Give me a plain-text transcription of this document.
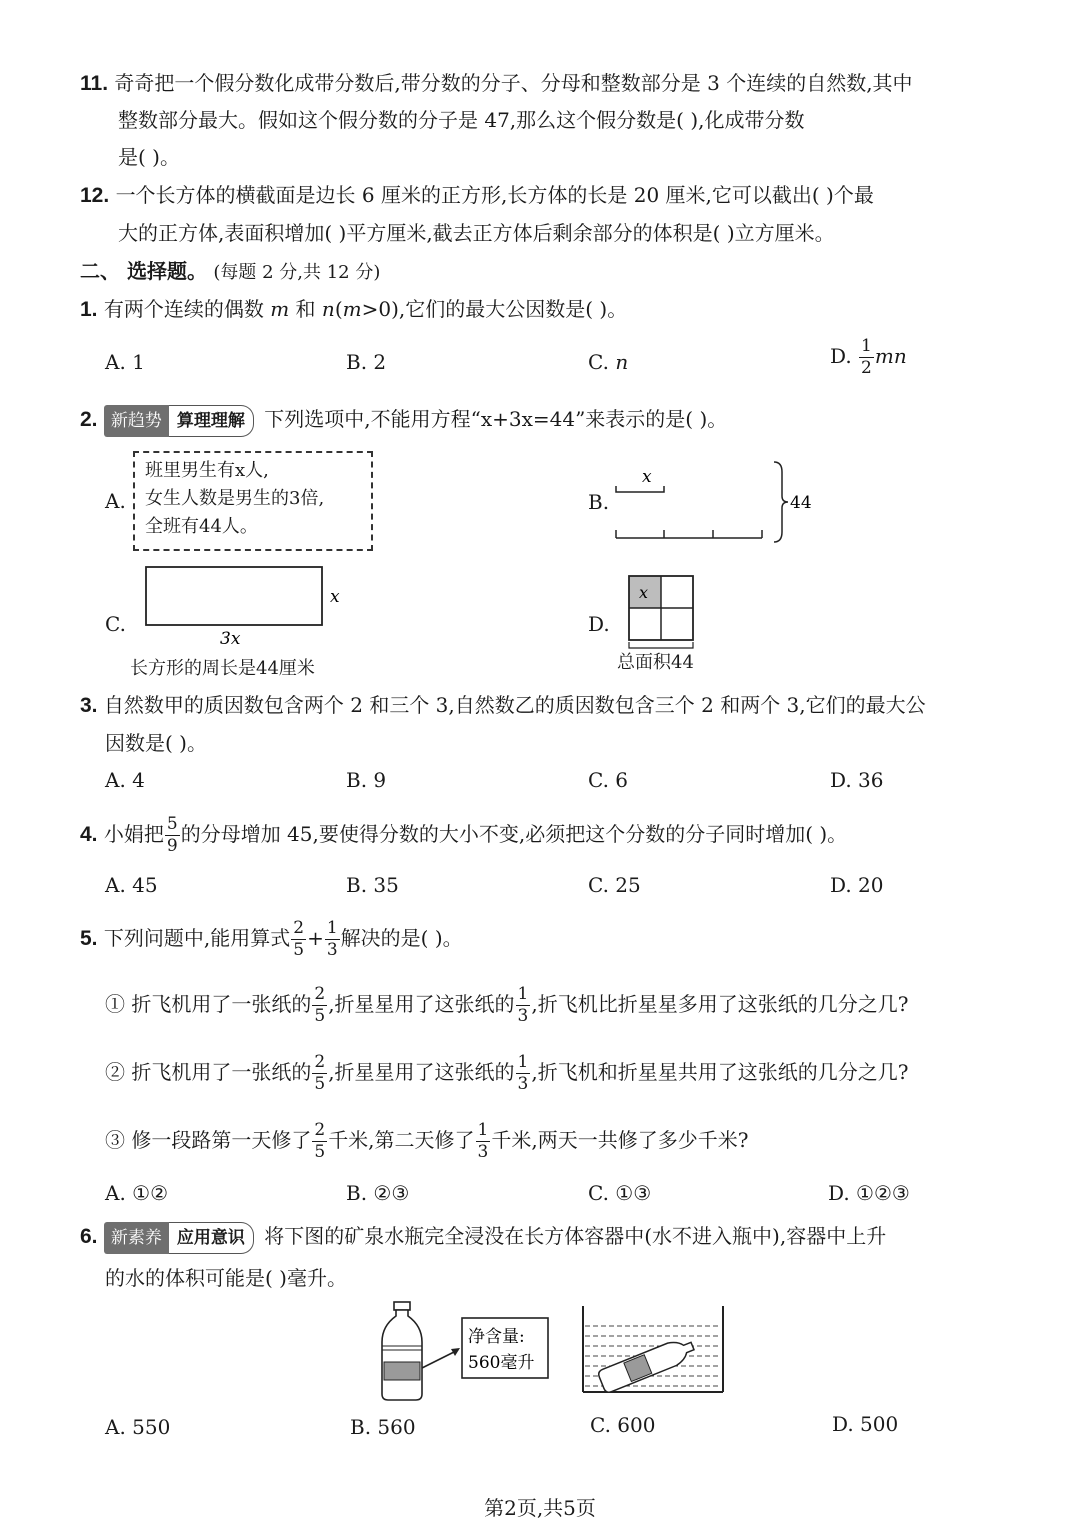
11. 奇奇把一个假分数化成带分数后,带分数的分子、分母和整数部分是 3 个连续的自然数,其中
整数部分最大。假如这个假分数的分子是 47,那么这个假分数是( ),化成带分数
是( )。
12. 一个长方体的横截面是边长 6 厘米的正方形,长方体的长是 20 厘米,它可以截出( )个最
大的正方体,表面积增加( )平方厘米,截去正方体后剩余部分的体积是( )立方厘米。
二、 选择题。 (每题 2 分,共 12 分)
1. 有两个连续的偶数 m 和 n(m>0),它们的最大公因数是( )。
A. 1	B. 2	C. n	D. $\frac{1}{2}$ mn
2. 新趋势 算理理解 下列选项中,不能用方程“x+3x=44”来表示的是( )。
A.
班里男生有x人,
女生人数是男生的3倍,
全班有44人。
B.
x
44
C.
x
3x
长方形的周长是44厘米
D.
x
总面积44
3. 自然数甲的质因数包含两个 2 和三个 3,自然数乙的质因数包含三个 2 和两个 3,它们的最大公
因数是( )。
A. 4	B. 9	C. 6	D. 36
4. 小娟把 $\frac{5}{9}$ 的分母增加 45,要使得分数的大小不变,必须把这个分数的分子同时增加( )。
A. 45	B. 35	C. 25	D. 20
5. 下列问题中,能用算式 $\frac{2}{5} + \frac{1}{3}$ 解决的是( )。
① 折飞机用了一张纸的 $\frac{2}{5}$ ,折星星用了这张纸的 $\frac{1}{3}$ ,折飞机比折星星多用了这张纸的几分之几?
② 折飞机用了一张纸的 $\frac{2}{5}$ ,折星星用了这张纸的 $\frac{1}{3}$ ,折飞机和折星星共用了这张纸的几分之几?
③ 修一段路第一天修了 $\frac{2}{5}$ 千米,第二天修了 $\frac{1}{3}$ 千米,两天一共修了多少千米?
A. ①②	B. ②③	C. ①③	D. ①②③
6. 新素养 应用意识 将下图的矿泉水瓶完全浸没在长方体容器中(水不进入瓶中),容器中上升
的水的体积可能是( )毫升。
净含量:
560毫升
A. 550	B. 560	C. 600	D. 500
第2页,共5页
